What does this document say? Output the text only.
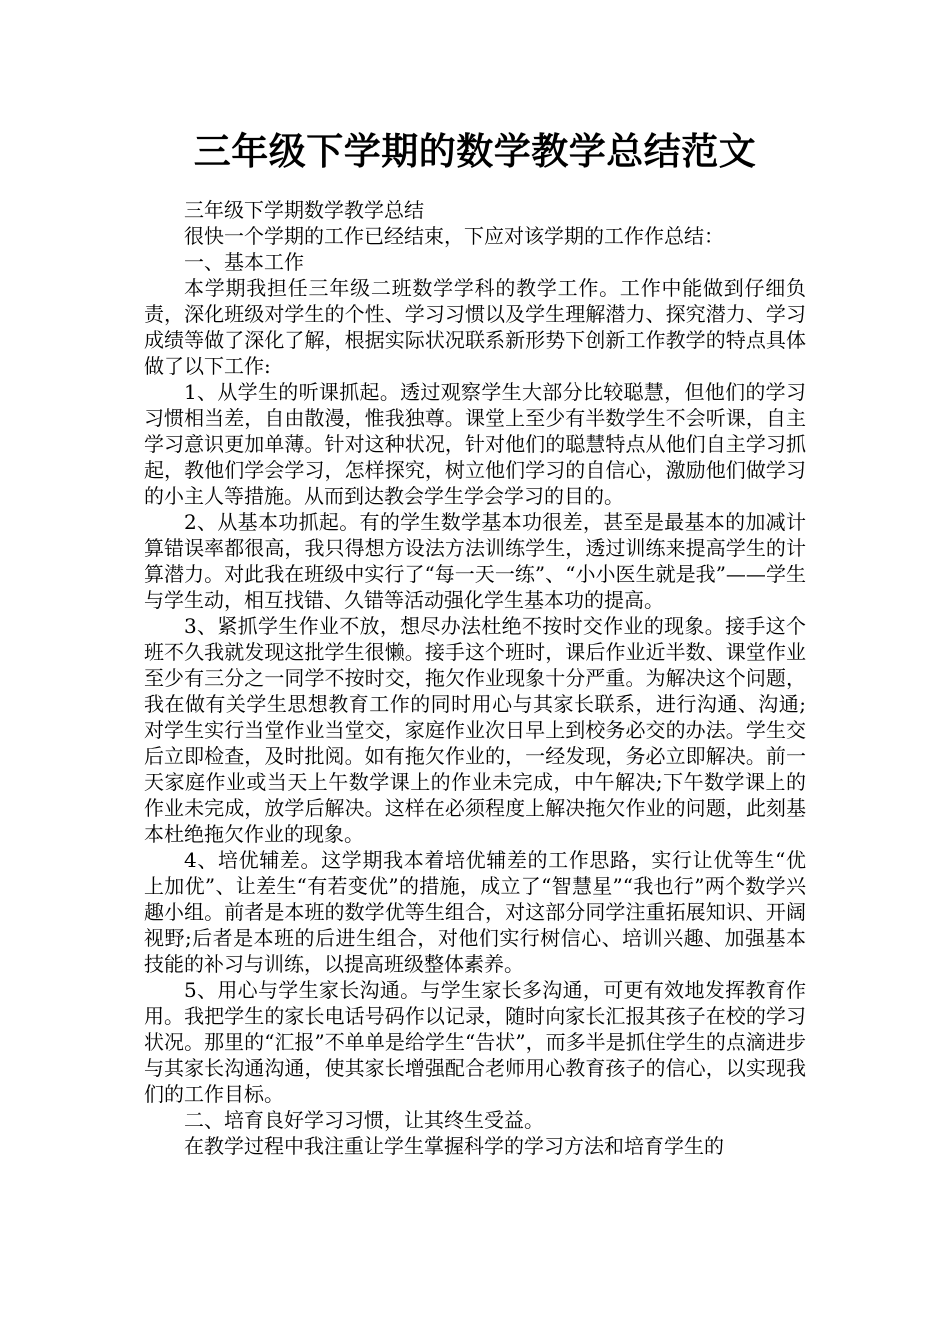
三年级下学期的数学教学总结范文

三年级下学期数学教学总结

很快一个学期的工作已经结束，下应对该学期的工作作总结：

一、基本工作

本学期我担任三年级二班数学学科的教学工作。工作中能做到仔细负责，深化班级对学生的个性、学习习惯以及学生理解潜力、探究潜力、学习成绩等做了深化了解，根据实际状况联系新形势下创新工作教学的特点具体做了以下工作:

1、从学生的听课抓起。透过观察学生大部分比较聪慧，但他们的学习习惯相当差，自由散漫，惟我独尊。课堂上至少有半数学生不会听课，自主学习意识更加单薄。针对这种状况，针对他们的聪慧特点从他们自主学习抓起，教他们学会学习，怎样探究，树立他们学习的自信心，激励他们做学习的小主人等措施。从而到达教会学生学会学习的目的。

2、从基本功抓起。有的学生数学基本功很差，甚至是最基本的加减计算错误率都很高，我只得想方设法方法训练学生，透过训练来提高学生的计算潜力。对此我在班级中实行了“每一天一练”、“小小医生就是我”——学生与学生动，相互找错、久错等活动强化学生基本功的提高。

3、紧抓学生作业不放，想尽办法杜绝不按时交作业的现象。接手这个班不久我就发现这批学生很懒。接手这个班时，课后作业近半数、课堂作业至少有三分之一同学不按时交，拖欠作业现象十分严重。为解决这个问题，我在做有关学生思想教育工作的同时用心与其家长联系，进行沟通、沟通;对学生实行当堂作业当堂交，家庭作业次日早上到校务必交的办法。学生交后立即检查，及时批阅。如有拖欠作业的，一经发现，务必立即解决。前一天家庭作业或当天上午数学课上的作业未完成，中午解决;下午数学课上的作业未完成，放学后解决。这样在必须程度上解决拖欠作业的问题，此刻基本杜绝拖欠作业的现象。

4、培优辅差。这学期我本着培优辅差的工作思路，实行让优等生“优上加优”、让差生“有若变优”的措施，成立了“智慧星”“我也行”两个数学兴趣小组。前者是本班的数学优等生组合，对这部分同学注重拓展知识、开阔视野;后者是本班的后进生组合，对他们实行树信心、培训兴趣、加强基本技能的补习与训练，以提高班级整体素养。

5、用心与学生家长沟通。与学生家长多沟通，可更有效地发挥教育作用。我把学生的家长电话号码作以记录，随时向家长汇报其孩子在校的学习状况。那里的“汇报”不单单是给学生“告状”，而多半是抓住学生的点滴进步与其家长沟通沟通，使其家长增强配合老师用心教育孩子的信心，以实现我们的工作目标。

二、培育良好学习习惯，让其终生受益。

在教学过程中我注重让学生掌握科学的学习方法和培育学生的
